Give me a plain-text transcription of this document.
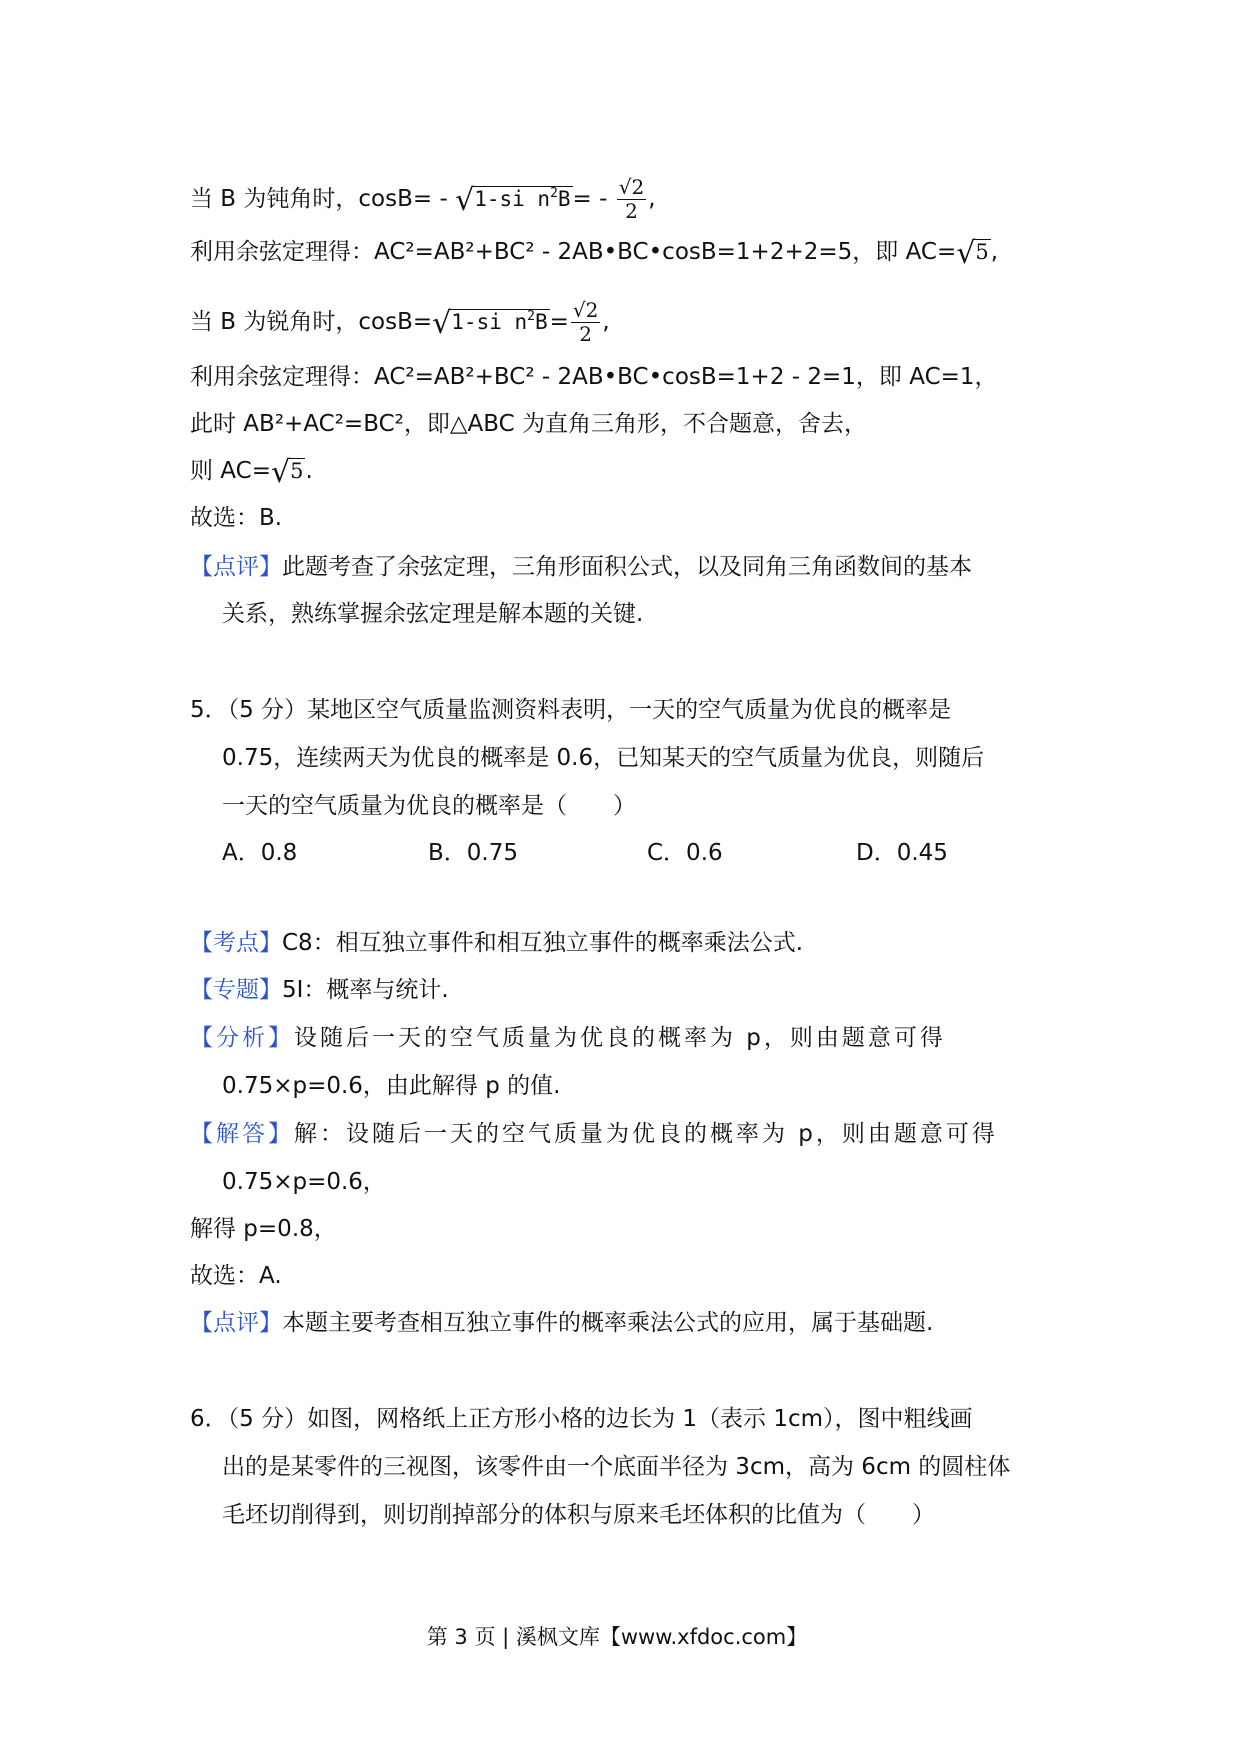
当 B 为钝角时，cosB= - √1-si $n^2B= - \frac{√2}{2}$ ,
利用余弦定理得：AC²=AB²+BC² - 2AB•BC•cosB=1+2+2=5，即 AC=√5,
当 B 为锐角时，cosB=√1-si $n^2B= \frac{√2}{2}$ ,
利用余弦定理得：AC²=AB²+BC² - 2AB•BC•cosB=1+2 - 2=1，即 AC=1，
此时 AB²+AC²=BC²，即△ABC 为直角三角形，不合题意，舍去，
则 AC=√5.
故选：B.
【点评】此题考查了余弦定理，三角形面积公式，以及同角三角函数间的基本
关系，熟练掌握余弦定理是解本题的关键.
5．（5 分）某地区空气质量监测资料表明，一天的空气质量为优良的概率是
0.75，连续两天为优良的概率是 0.6，已知某天的空气质量为优良，则随后
一天的空气质量为优良的概率是（　　）
A．0.8	B．0.75	C．0.6	D．0.45
【考点】C8：相互独立事件和相互独立事件的概率乘法公式.
【专题】5I：概率与统计.
【分析】设随后一天的空气质量为优良的概率为 p，则由题意可得
0.75×p=0.6，由此解得 p 的值.
【解答】解：设随后一天的空气质量为优良的概率为 p，则由题意可得
0.75×p=0.6，
解得 p=0.8，
故选：A.
【点评】本题主要考查相互独立事件的概率乘法公式的应用，属于基础题.
6．（5 分）如图，网格纸上正方形小格的边长为 1（表示 1cm），图中粗线画
出的是某零件的三视图，该零件由一个底面半径为 3cm，高为 6cm 的圆柱体
毛坯切削得到，则切削掉部分的体积与原来毛坯体积的比值为（　　）
第 3 页 | 溪枫文库【www.xfdoc.com】
